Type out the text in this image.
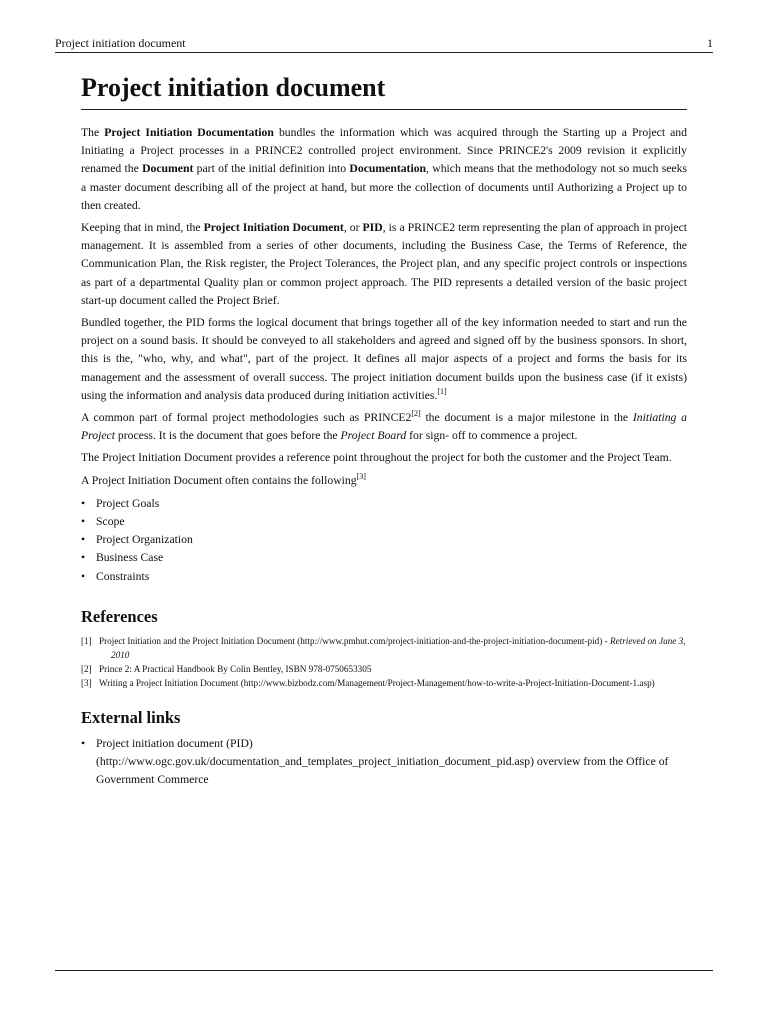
Project initiation document	1
Project initiation document

The Project Initiation Documentation bundles the information which was acquired through the Starting up a Project and Initiating a Project processes in a PRINCE2 controlled project environment. Since PRINCE2's 2009 revision it explicitly renamed the Document part of the initial definition into Documentation, which means that the methodology not so much seeks a master document describing all of the project at hand, but more the collection of documents until Authorizing a Project up to then created.

Keeping that in mind, the Project Initiation Document, or PID, is a PRINCE2 term representing the plan of approach in project management. It is assembled from a series of other documents, including the Business Case, the Terms of Reference, the Communication Plan, the Risk register, the Project Tolerances, the Project plan, and any specific project controls or inspections as part of a departmental Quality plan or common project approach. The PID represents a detailed version of the basic project start-up document called the Project Brief.

Bundled together, the PID forms the logical document that brings together all of the key information needed to start and run the project on a sound basis. It should be conveyed to all stakeholders and agreed and signed off by the business sponsors. In short, this is the, "who, why, and what", part of the project. It defines all major aspects of a project and forms the basis for its management and the assessment of overall success. The project initiation document builds upon the business case (if it exists) using the information and analysis data produced during initiation activities.[1]

A common part of formal project methodologies such as PRINCE2[2] the document is a major milestone in the Initiating a Project process. It is the document that goes before the Project Board for sign- off to commence a project.

The Project Initiation Document provides a reference point throughout the project for both the customer and the Project Team.

A Project Initiation Document often contains the following[3]

• Project Goals
• Scope
• Project Organization
• Business Case
• Constraints
References
[1] Project Initiation and the Project Initiation Document (http://www.pmhut.com/project-initiation-and-the-project-initiation-document-pid) - Retrieved on June 3, 2010
[2] Prince 2: A Practical Handbook By Colin Bentley, ISBN 978-0750653305
[3] Writing a Project Initiation Document (http://www.bizbodz.com/Management/Project-Management/how-to-write-a-Project-Initiation-Document-1.asp)
External links
• Project initiation document (PID) (http://www.ogc.gov.uk/documentation_and_templates_project_initiation_document_pid.asp) overview from the Office of Government Commerce
